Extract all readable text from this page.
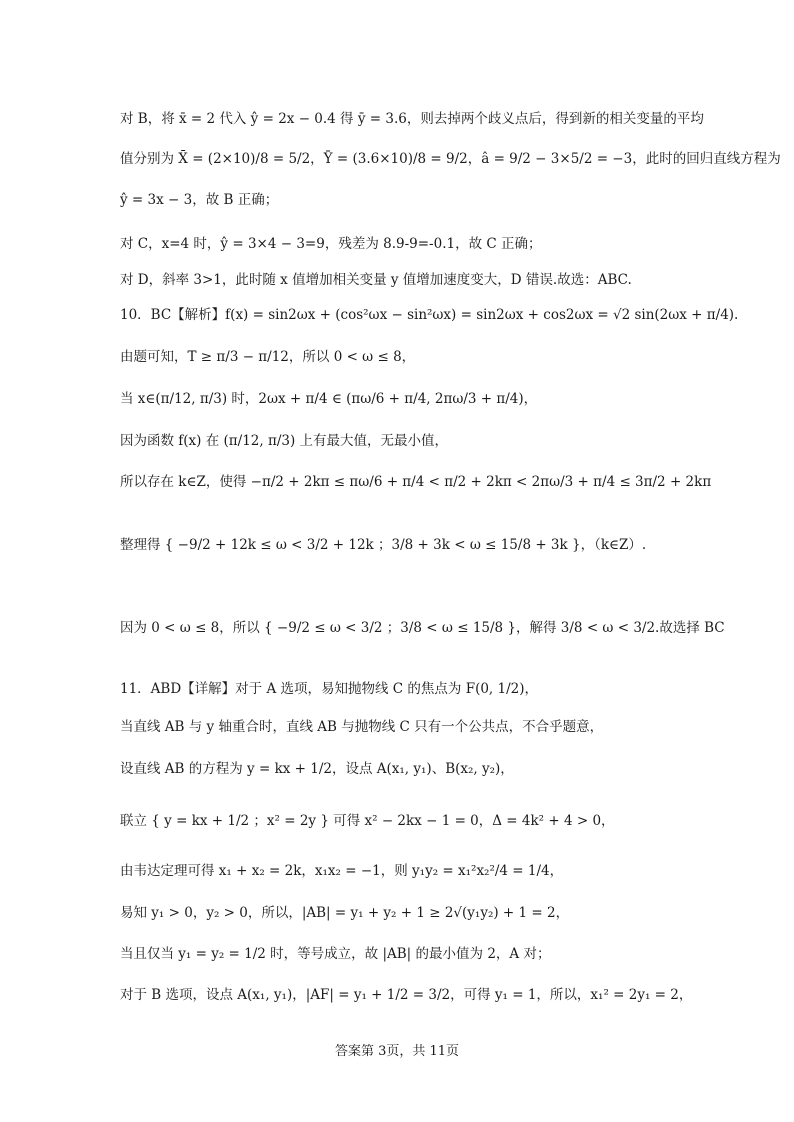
对 B，将 x̄ = 2 代入 ŷ = 2x − 0.4 得 ȳ = 3.6，则去掉两个歧义点后，得到新的相关变量的平均
值分别为 X̄ = (2×10)/8 = 5/2，Ȳ = (3.6×10)/8 = 9/2，â = 9/2 − 3×5/2 = −3，此时的回归直线方程为
ŷ = 3x − 3，故 B 正确；
对 C，x=4 时，ŷ = 3×4 − 3=9，残差为 8.9-9=-0.1，故 C 正确；
对 D，斜率 3>1，此时随 x 值增加相关变量 y 值增加速度变大，D 错误.故选：ABC.
10．BC【解析】f(x) = sin2ωx + (cos²ωx − sin²ωx) = sin2ωx + cos2ωx = √2 sin(2ωx + π/4).
由题可知，T ≥ π/3 − π/12，所以 0 < ω ≤ 8，
当 x∈(π/12, π/3) 时，2ωx + π/4 ∈ (πω/6 + π/4, 2πω/3 + π/4)，
因为函数 f(x) 在 (π/12, π/3) 上有最大值，无最小值，
所以存在 k∈Z，使得 −π/2 + 2kπ ≤ πω/6 + π/4 < π/2 + 2kπ < 2πω/3 + π/4 ≤ 3π/2 + 2kπ
整理得 { −9/2 + 12k ≤ ω < 3/2 + 12k ；3/8 + 3k < ω ≤ 15/8 + 3k }，（k∈Z）.
因为 0 < ω ≤ 8，所以 { −9/2 ≤ ω < 3/2 ；3/8 < ω ≤ 15/8 }，解得 3/8 < ω < 3/2.故选择 BC
11．ABD【详解】对于 A 选项，易知抛物线 C 的焦点为 F(0, 1/2)，
当直线 AB 与 y 轴重合时，直线 AB 与抛物线 C 只有一个公共点，不合乎题意，
设直线 AB 的方程为 y = kx + 1/2，设点 A(x₁, y₁)、B(x₂, y₂)，
联立 { y = kx + 1/2 ；x² = 2y } 可得 x² − 2kx − 1 = 0，Δ = 4k² + 4 > 0，
由韦达定理可得 x₁ + x₂ = 2k，x₁x₂ = −1，则 y₁y₂ = x₁²x₂²/4 = 1/4，
易知 y₁ > 0，y₂ > 0，所以，|AB| = y₁ + y₂ + 1 ≥ 2√(y₁y₂) + 1 = 2，
当且仅当 y₁ = y₂ = 1/2 时，等号成立，故 |AB| 的最小值为 2，A 对；
对于 B 选项，设点 A(x₁, y₁)，|AF| = y₁ + 1/2 = 3/2，可得 y₁ = 1，所以，x₁² = 2y₁ = 2，
答案第 3页，共 11页
